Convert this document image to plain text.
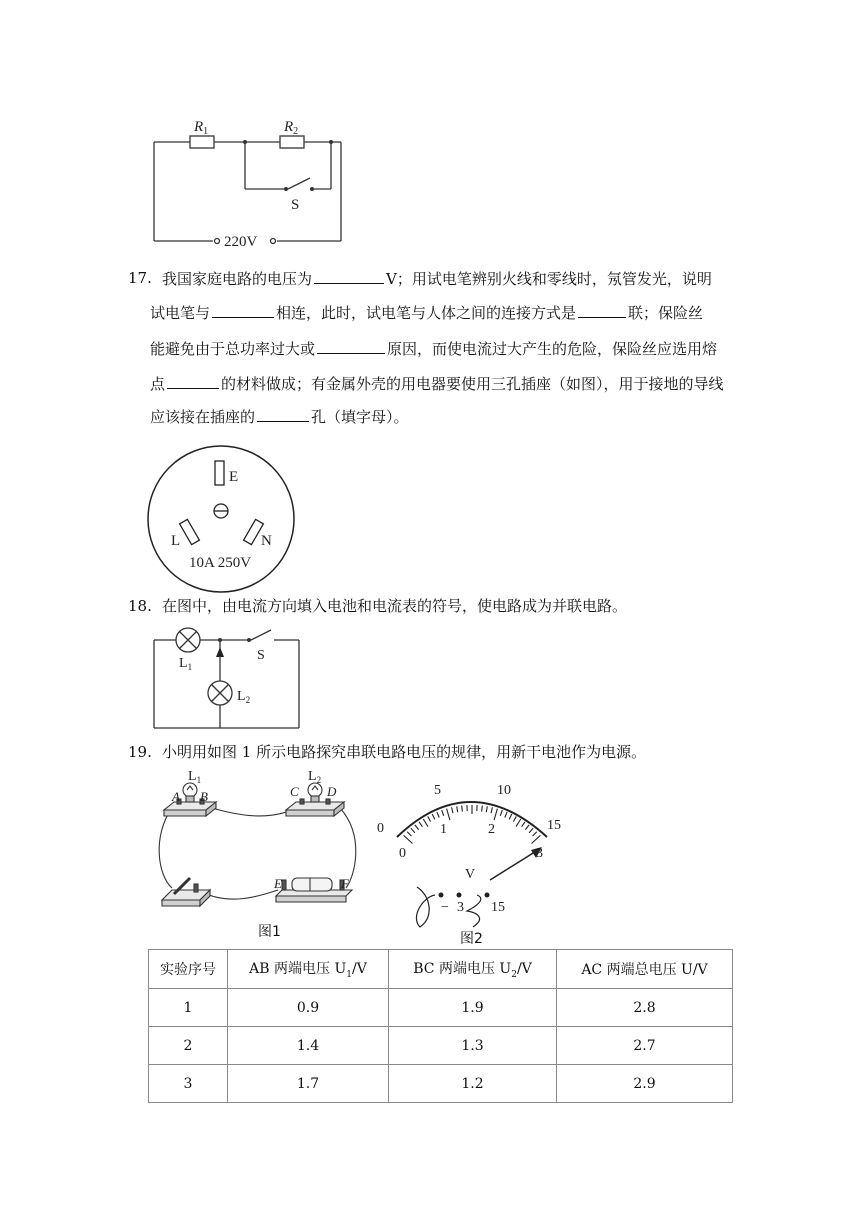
$R_1$	$R_2$
S
220V
17. 我国家庭电路的电压为	V；用试电笔辨别火线和零线时，氖管发光，说明
试电笔与	相连，此时，试电笔与人体之间的连接方式是	联；保险丝
能避免由于总功率过大或	原因，而使电流过大产生的危险，保险丝应选用熔
点	的材料做成；有金属外壳的用电器要使用三孔插座（如图），用于接地的导线
应该接在插座的	孔（填字母）。
E
L	N
10A 250V
18. 在图中，由电流方向填入电池和电流表的符号，使电路成为并联电路。
$L_1$
$L_2$
S
19. 小明用如图 1 所示电路探究串联电路电压的规律，用新干电池作为电源。
$L_1$	$L_2$
A B	C D
E	F
图1
0
5	10
15
0
1	2
3
V
− 3 15
图2
实验序号	AB 两端电压 $U_1/V$	BC 两端电压 $U_2/V$	AC 两端总电压 U/V
1	0.9	1.9	2.8
2	1.4	1.3	2.7
3	1.7	1.2	2.9
